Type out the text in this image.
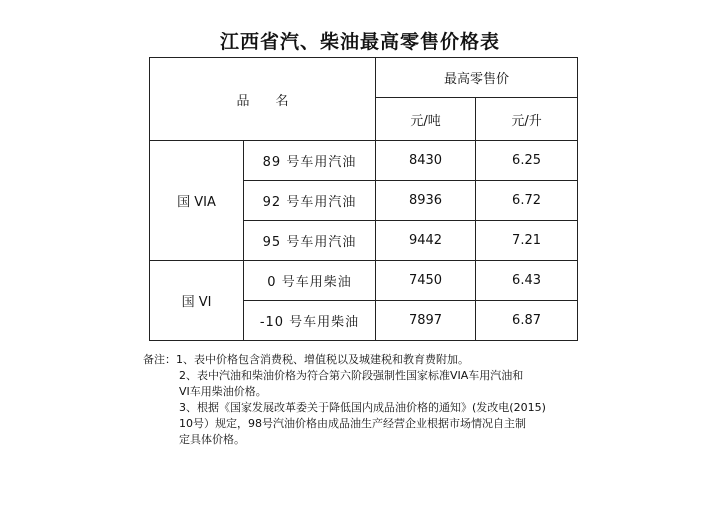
江西省汽、柴油最高零售价格表
品　　名		最高零售价	
		元/吨	元/升
国 VIA	89 号车用汽油	8430	6.25
	92 号车用汽油	8936	6.72
	95 号车用汽油	9442	7.21
国 VI	0 号车用柴油	7450	6.43
	-10 号车用柴油	7897	6.87
备注：1、表中价格包含消费税、增值税以及城建税和教育费附加。
2、表中汽油和柴油价格为符合第六阶段强制性国家标准VIA车用汽油和
VI车用柴油价格。
3、根据《国家发展改革委关于降低国内成品油价格的通知》(发改电(2015)
10号）规定，98号汽油价格由成品油生产经营企业根据市场情况自主制
定具体价格。
